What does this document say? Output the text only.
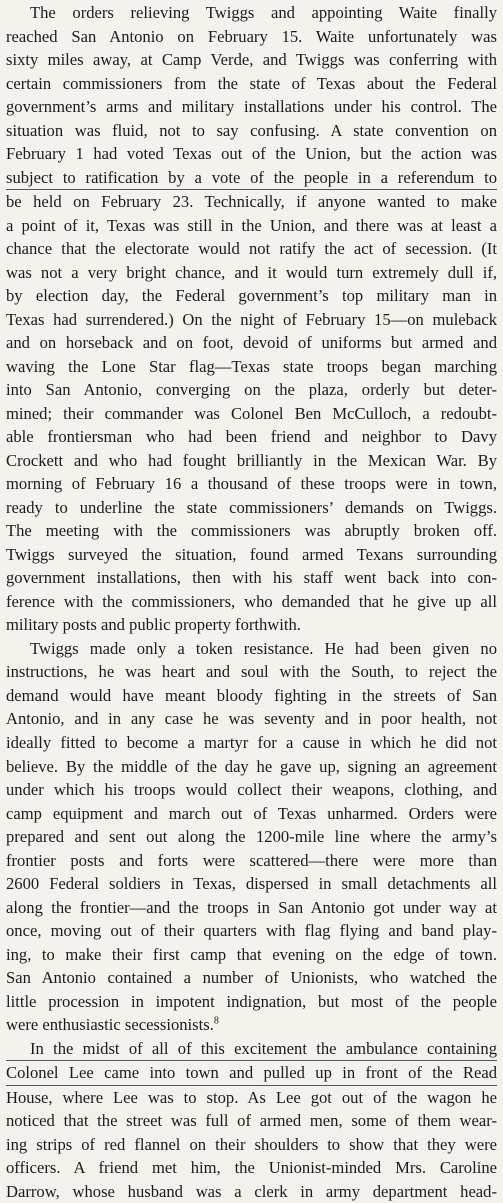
The orders relieving Twiggs and appointing Waite finally
reached San Antonio on February 15. Waite unfortunately was
sixty miles away, at Camp Verde, and Twiggs was conferring with
certain commissioners from the state of Texas about the Federal
government’s arms and military installations under his control. The
situation was fluid, not to say confusing. A state convention on
February 1 had voted Texas out of the Union, but the action was
subject to ratification by a vote of the people in a referendum to
be held on February 23. Technically, if anyone wanted to make
a point of it, Texas was still in the Union, and there was at least a
chance that the electorate would not ratify the act of secession. (It
was not a very bright chance, and it would turn extremely dull if,
by election day, the Federal government’s top military man in
Texas had surrendered.) On the night of February 15—on muleback
and on horseback and on foot, devoid of uniforms but armed and
waving the Lone Star flag—Texas state troops began marching
into San Antonio, converging on the plaza, orderly but deter-
mined; their commander was Colonel Ben McCulloch, a redoubt-
able frontiersman who had been friend and neighbor to Davy
Crockett and who had fought brilliantly in the Mexican War. By
morning of February 16 a thousand of these troops were in town,
ready to underline the state commissioners’ demands on Twiggs.
The meeting with the commissioners was abruptly broken off.
Twiggs surveyed the situation, found armed Texans surrounding
government installations, then with his staff went back into con-
ference with the commissioners, who demanded that he give up all
military posts and public property forthwith.
Twiggs made only a token resistance. He had been given no
instructions, he was heart and soul with the South, to reject the
demand would have meant bloody fighting in the streets of San
Antonio, and in any case he was seventy and in poor health, not
ideally fitted to become a martyr for a cause in which he did not
believe. By the middle of the day he gave up, signing an agreement
under which his troops would collect their weapons, clothing, and
camp equipment and march out of Texas unharmed. Orders were
prepared and sent out along the 1200-mile line where the army’s
frontier posts and forts were scattered—there were more than
2600 Federal soldiers in Texas, dispersed in small detachments all
along the frontier—and the troops in San Antonio got under way at
once, moving out of their quarters with flag flying and band play-
ing, to make their first camp that evening on the edge of town.
San Antonio contained a number of Unionists, who watched the
little procession in impotent indignation, but most of the people
were enthusiastic secessionists.$^8$
In the midst of all of this excitement the ambulance containing
Colonel Lee came into town and pulled up in front of the Read
House, where Lee was to stop. As Lee got out of the wagon he
noticed that the street was full of armed men, some of them wear-
ing strips of red flannel on their shoulders to show that they were
officers. A friend met him, the Unionist-minded Mrs. Caroline
Darrow, whose husband was a clerk in army department head-
